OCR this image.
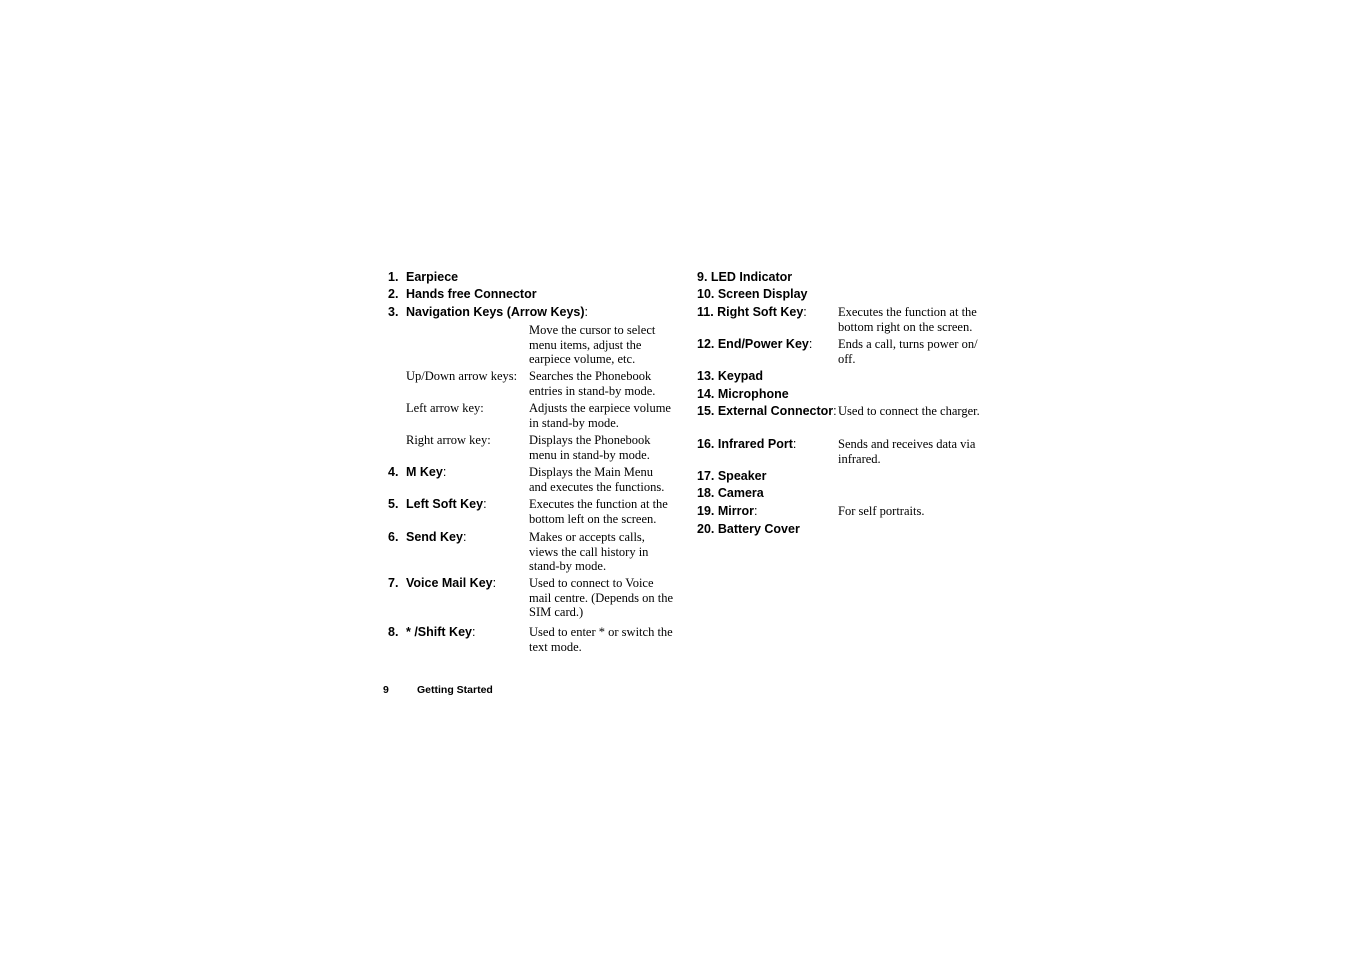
1. Earpiece
2. Hands free Connector
3. Navigation Keys (Arrow Keys):
Move the cursor to select menu items, adjust the earpiece volume, etc.
Up/Down arrow keys: Searches the Phonebook entries in stand-by mode.
Left arrow key:	Adjusts the earpiece volume in stand-by mode.
Right arrow key:	Displays the Phonebook menu in stand-by mode.
4. M Key:	Displays the Main Menu and executes the functions.
5. Left Soft Key:	Executes the function at the bottom left on the screen.
6. Send Key:	Makes or accepts calls, views the call history in stand-by mode.
7. Voice Mail Key:	Used to connect to Voice mail centre. (Depends on the SIM card.)
8. * /Shift Key:	Used to enter * or switch the text mode.
9. LED Indicator
10. Screen Display
11. Right Soft Key: Executes the function at the bottom right on the screen.
12. End/Power Key: Ends a call, turns power on/ off.
13. Keypad
14. Microphone
15. External Connector: Used to connect the charger.
16. Infrared Port:	Sends and receives data via infrared.
17. Speaker
18. Camera
19. Mirror:	For self portraits.
20. Battery Cover
9	Getting Started
